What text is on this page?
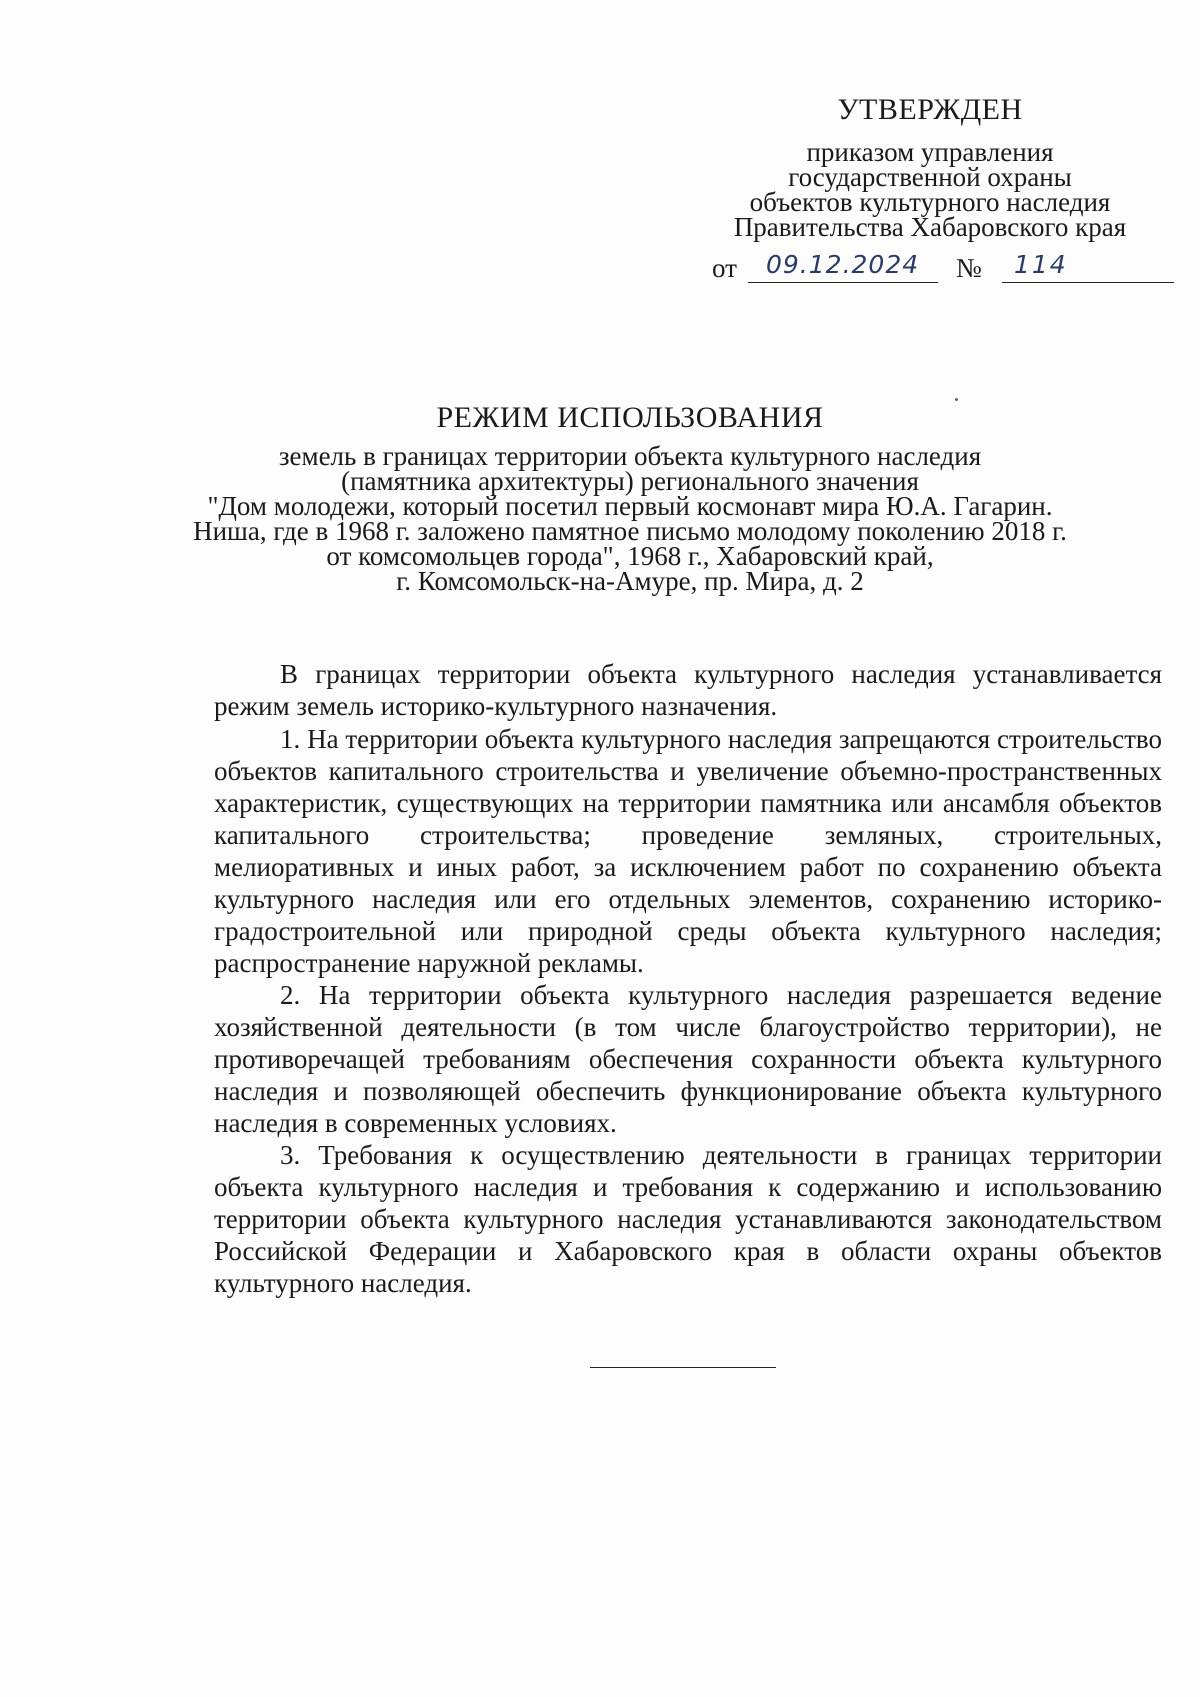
УТВЕРЖДЕН
приказом управления
государственной охраны
объектов культурного наследия
Правительства Хабаровского края
от	09.12.2024	№	114
РЕЖИМ ИСПОЛЬЗОВАНИЯ
земель в границах территории объекта культурного наследия
(памятника архитектуры) регионального значения
"Дом молодежи, который посетил первый космонавт мира Ю.А. Гагарин.
Ниша, где в 1968 г. заложено памятное письмо молодому поколению 2018 г.
от комсомольцев города", 1968 г., Хабаровский край,
г. Комсомольск-на-Амуре, пр. Мира, д. 2

В границах территории объекта культурного наследия устанавливается режим земель историко-культурного назначения.

1. На территории объекта культурного наследия запрещаются строительство объектов капитального строительства и увеличение объемно-пространственных характеристик, существующих на территории памятника или ансамбля объектов капитального строительства; проведение земляных, строительных, мелиоративных и иных работ, за исключением работ по сохранению объекта культурного наследия или его отдельных элементов, сохранению историко-градостроительной или природной среды объекта культурного наследия; распространение наружной рекламы.

2. На территории объекта культурного наследия разрешается ведение хозяйственной деятельности (в том числе благоустройство территории), не противоречащей требованиям обеспечения сохранности объекта культурного наследия и позволяющей обеспечить функционирование объекта культурного наследия в современных условиях.

3. Требования к осуществлению деятельности в границах территории объекта культурного наследия и требования к содержанию и использованию территории объекта культурного наследия устанавливаются законодательством Российской Федерации и Хабаровского края в области охраны объектов культурного наследия.
